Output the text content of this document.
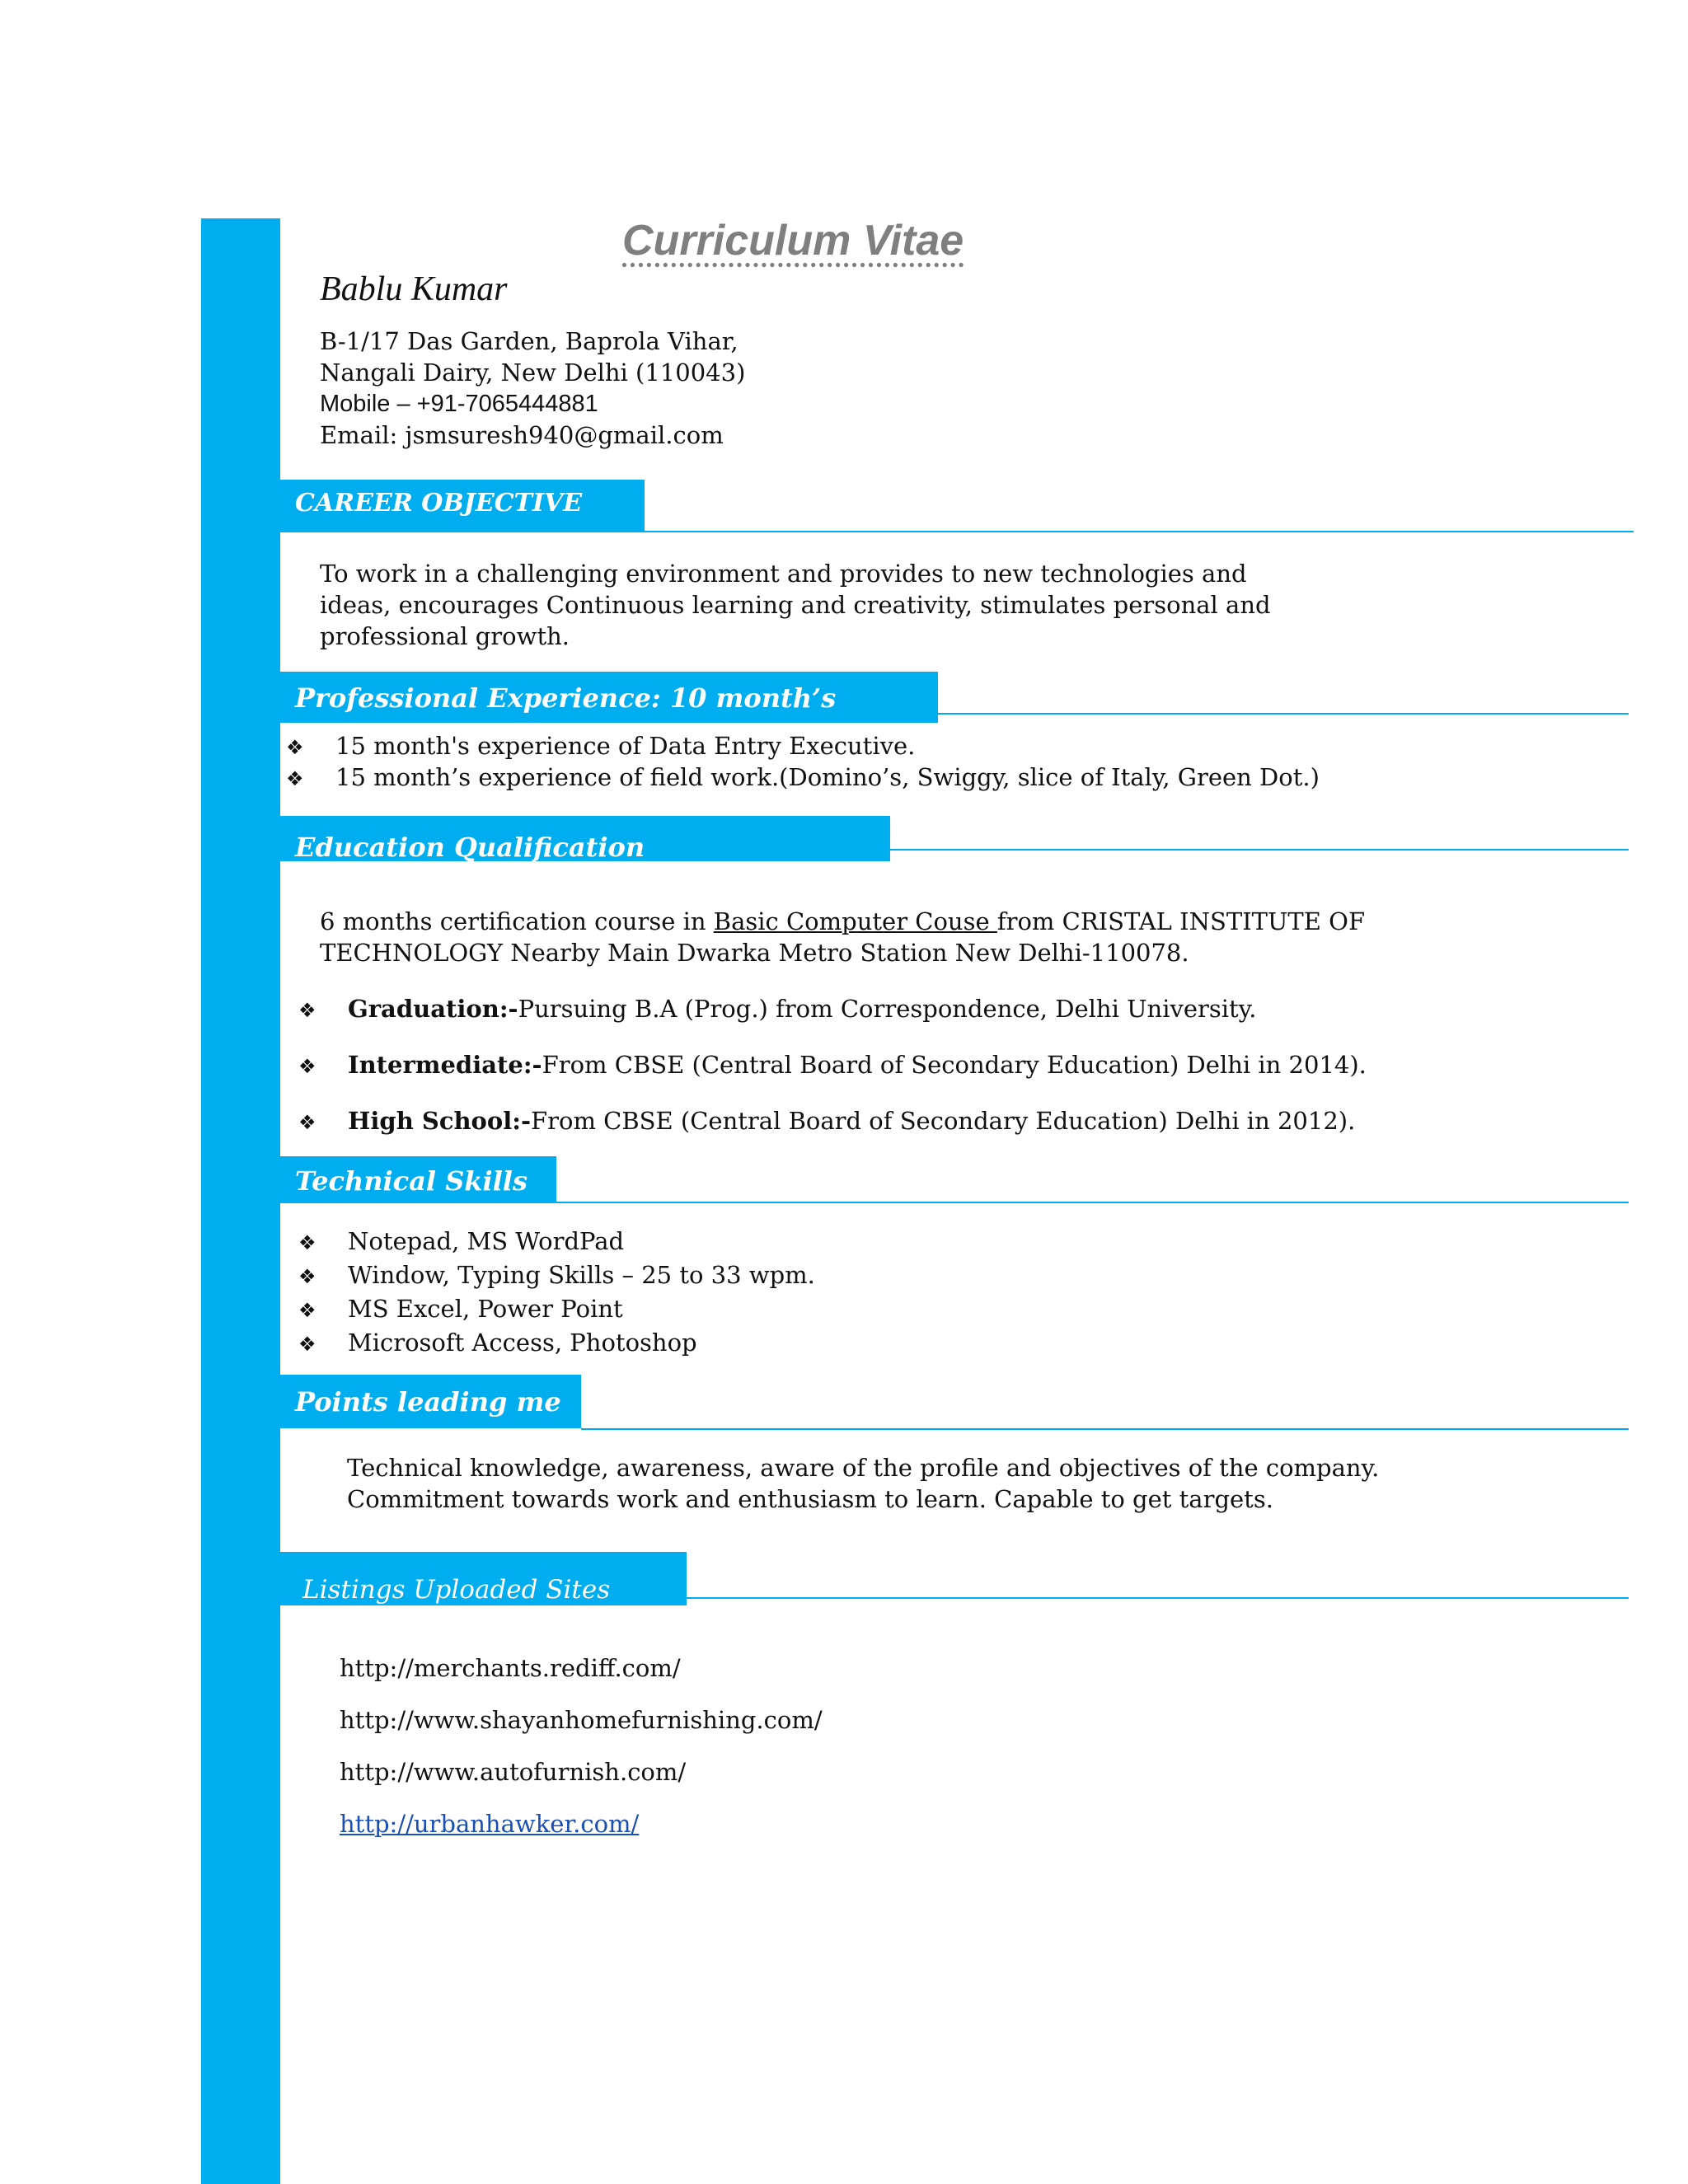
Curriculum Vitae
Bablu Kumar
B-1/17 Das Garden, Baprola Vihar,
Nangali Dairy, New Delhi (110043)
Mobile – +91-7065444881
Email: jsmsuresh940@gmail.com
CAREER OBJECTIVE
To work in a challenging environment and provides to new technologies and
ideas, encourages Continuous learning and creativity, stimulates personal and
professional growth.
Professional Experience: 10 month’s
❖	15 month's experience of Data Entry Executive.
❖	15 month’s experience of field work.(Domino’s, Swiggy, slice of Italy, Green Dot.)
Education Qualification
6 months certification course in Basic Computer Couse from CRISTAL INSTITUTE OF
TECHNOLOGY Nearby Main Dwarka Metro Station New Delhi-110078.
❖	Graduation:- Pursuing B.A (Prog.) from Correspondence, Delhi University.
❖	Intermediate:- From CBSE (Central Board of Secondary Education) Delhi in 2014).
❖	High School:- From CBSE (Central Board of Secondary Education) Delhi in 2012).
Technical Skills
❖	Notepad, MS WordPad
❖	Window, Typing Skills – 25 to 33 wpm.
❖	MS Excel, Power Point
❖	Microsoft Access, Photoshop
Points leading me
Technical knowledge, awareness, aware of the profile and objectives of the company.
Commitment towards work and enthusiasm to learn. Capable to get targets.
Listings Uploaded Sites
http://merchants.rediff.com/
http://www.shayanhomefurnishing.com/
http://www.autofurnish.com/
http://urbanhawker.com/
